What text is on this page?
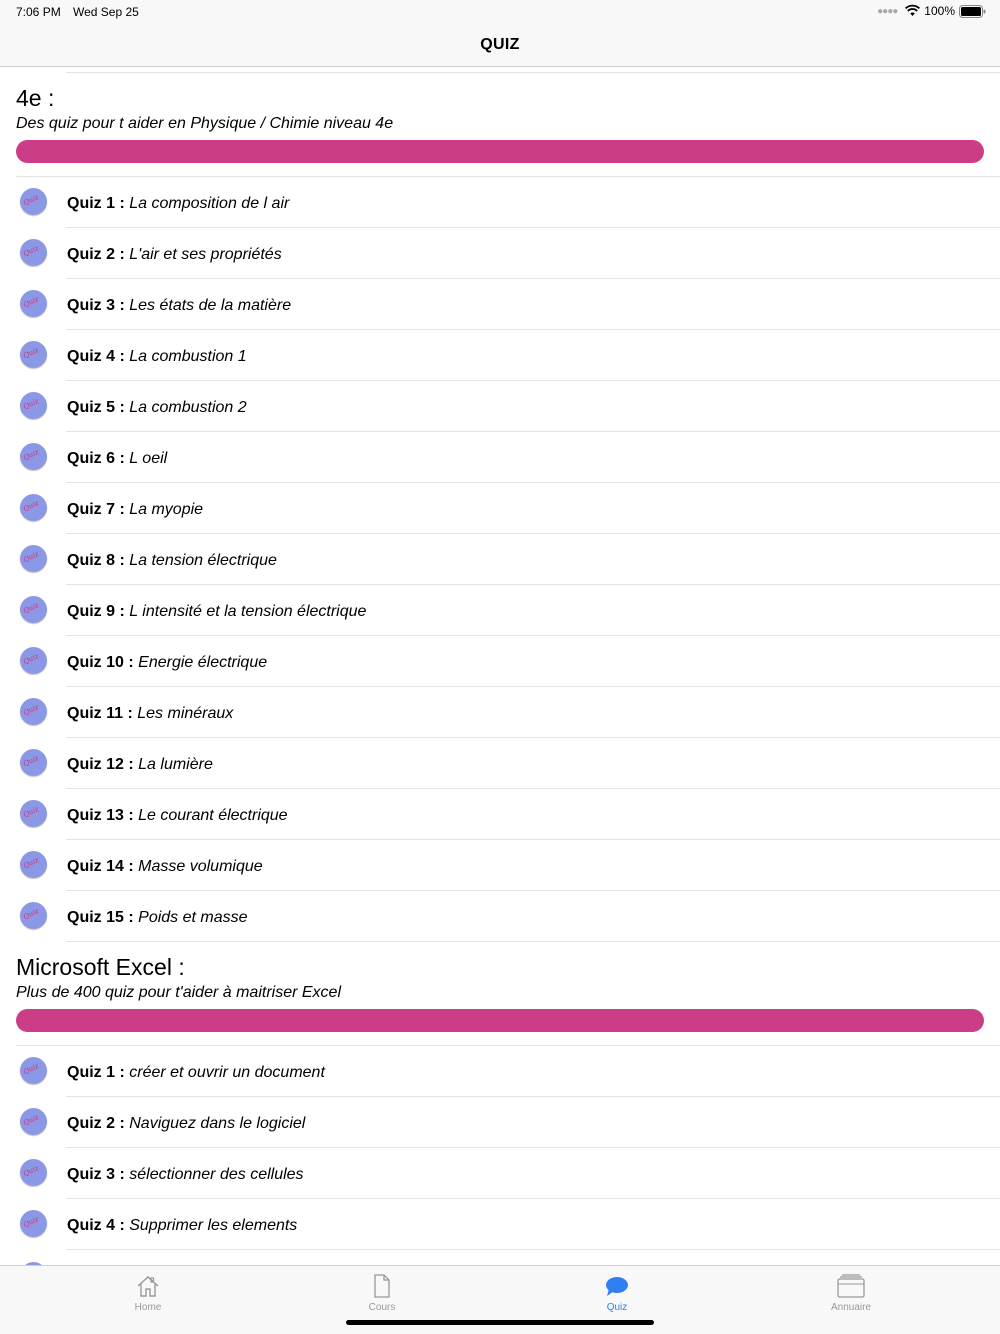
7:06 PM Wed Sep 25	●●●● 100%
QUIZ
4e :
Des quiz pour t aider en Physique / Chimie niveau 4e
Quiz Quiz 1 : La composition de l air
Quiz Quiz 2 : L'air et ses propriétés
Quiz Quiz 3 : Les états de la matière
Quiz Quiz 4 : La combustion 1
Quiz Quiz 5 : La combustion 2
Quiz Quiz 6 : L oeil
Quiz Quiz 7 : La myopie
Quiz Quiz 8 : La tension électrique
Quiz Quiz 9 : L intensité et la tension électrique
Quiz Quiz 10 : Energie électrique
Quiz Quiz 11 : Les minéraux
Quiz Quiz 12 : La lumière
Quiz Quiz 13 : Le courant électrique
Quiz Quiz 14 : Masse volumique
Quiz Quiz 15 : Poids et masse
Microsoft Excel :
Plus de 400 quiz pour t'aider à maitriser Excel
Quiz Quiz 1 : créer et ouvrir un document
Quiz Quiz 2 : Naviguez dans le logiciel
Quiz Quiz 3 : sélectionner des cellules
Quiz Quiz 4 : Supprimer les elements
Home	Cours	Quiz	Annuaire
